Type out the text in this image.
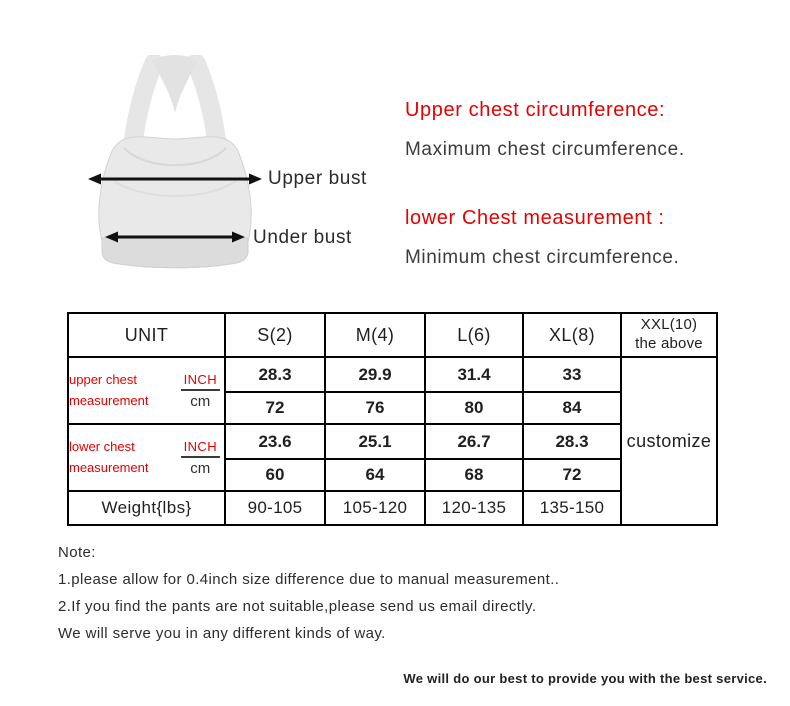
Upper bust
Under bust
Upper chest circumference:
Maximum chest circumference.
lower Chest measurement :
Minimum chest circumference.
UNIT	S(2)	M(4)	L(6)	XL(8)	XXL(10)
the above

upper chest
measurement $\frac{\text{INCH}}{cm}$	28.3	29.9	31.4	33	customize
	72	76	80	84	

lower chest
measurement $\frac{\text{INCH}}{cm}$	23.6	25.1	26.7	28.3	
	60	64	68	72	
Weight{lbs}	90-105	105-120	120-135	135-150	
Note:
1.please allow for 0.4inch size difference due to manual measurement..
2.If you find the pants are not suitable,please send us email directly.
We will serve you in any different kinds of way.
We will do our best to provide you with the best service.
